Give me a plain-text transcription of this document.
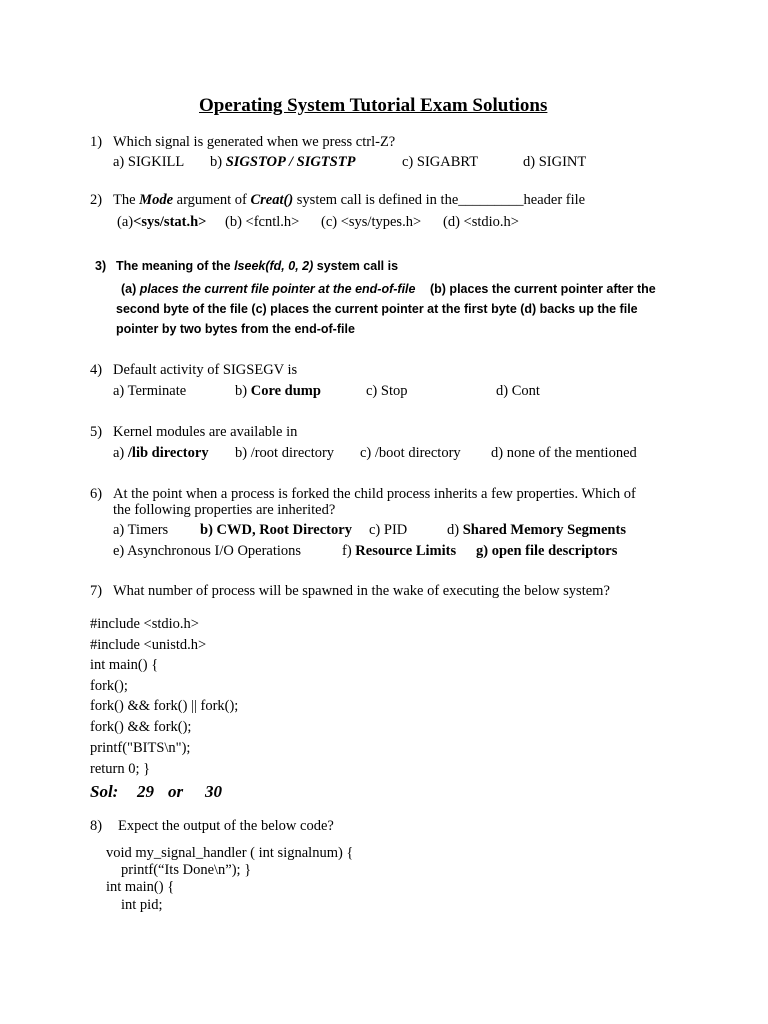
Operating System Tutorial Exam Solutions
1) Which signal is generated when we press ctrl-Z?
a) SIGKILL b) SIGSTOP / SIGTSTP	c) SIGABRT	d) SIGINT
2) The Mode argument of Creat() system call is defined in the_________header file
(a)<sys/stat.h> (b) <fcntl.h> (c) <sys/types.h> (d) <stdio.h>
3) The meaning of the lseek(fd, 0, 2) system call is
(a) places the current file pointer at the end-of-file (b) places the current pointer after the
second byte of the file (c) places the current pointer at the first byte (d) backs up the file
pointer by two bytes from the end-of-file
4) Default activity of SIGSEGV is
a) Terminate	b) Core dump	c) Stop	d) Cont
5) Kernel modules are available in
a) /lib directory b) /root directory c) /boot directory d) none of the mentioned
6) At the point when a process is forked the child process inherits a few properties. Which of
the following properties are inherited?
a) Timers b) CWD, Root Directory c) PID	d) Shared Memory Segments
e) Asynchronous I/O Operations	f) Resource Limits g) open file descriptors
7) What number of process will be spawned in the wake of executing the below system?
#include <stdio.h>
#include <unistd.h>
int main() {
fork();
fork() && fork() || fork();
fork() && fork();
printf("BITS\n");
return 0; }
Sol: 29 or 30
8) Expect the output of the below code?
void my_signal_handler ( int signalnum) {
printf(“Its Done\n”); }
int main() {
int pid;
